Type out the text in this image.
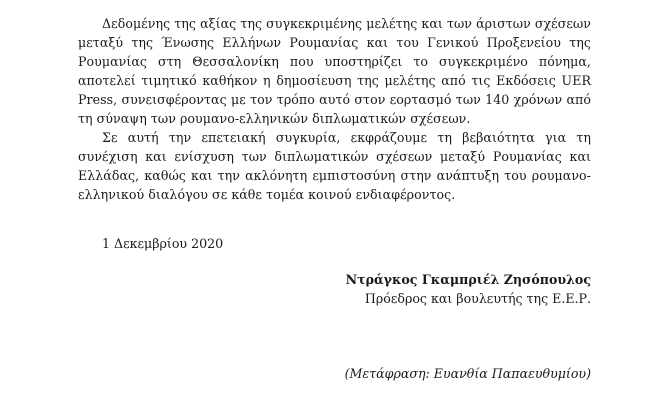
Δεδομένης της αξίας της συγκεκριμένης μελέτης και των άριστων σχέσεων μεταξύ της Ένωσης Ελλήνων Ρουμανίας και του Γενικού Προξενείου της Ρουμανίας στη Θεσσαλονίκη που υποστηρίζει το συγκεκριμένο πόνημα, αποτελεί τιμητικό καθήκον η δημοσίευση της μελέτης από τις Εκδόσεις UER Press, συνεισφέροντας με τον τρόπο αυτό στον εορτασμό των 140 χρόνων από τη σύναψη των ρουμανο-ελληνικών διπλωματικών σχέσεων.

Σε αυτή την επετειακή συγκυρία, εκφράζουμε τη βεβαιότητα για τη συνέχιση και ενίσχυση των διπλωματικών σχέσεων μεταξύ Ρουμανίας και Ελλάδας, καθώς και την ακλόνητη εμπιστοσύνη στην ανάπτυξη του ρουμανο-ελληνικού διαλόγου σε κάθε τομέα κοινού ενδιαφέροντος.

1 Δεκεμβρίου 2020

Ντράγκος Γκαμπριέλ Ζησόπουλος

Πρόεδρος και βουλευτής της Ε.Ε.Ρ.

(Μετάφραση: Ευανθία Παπαευθυμίου)
